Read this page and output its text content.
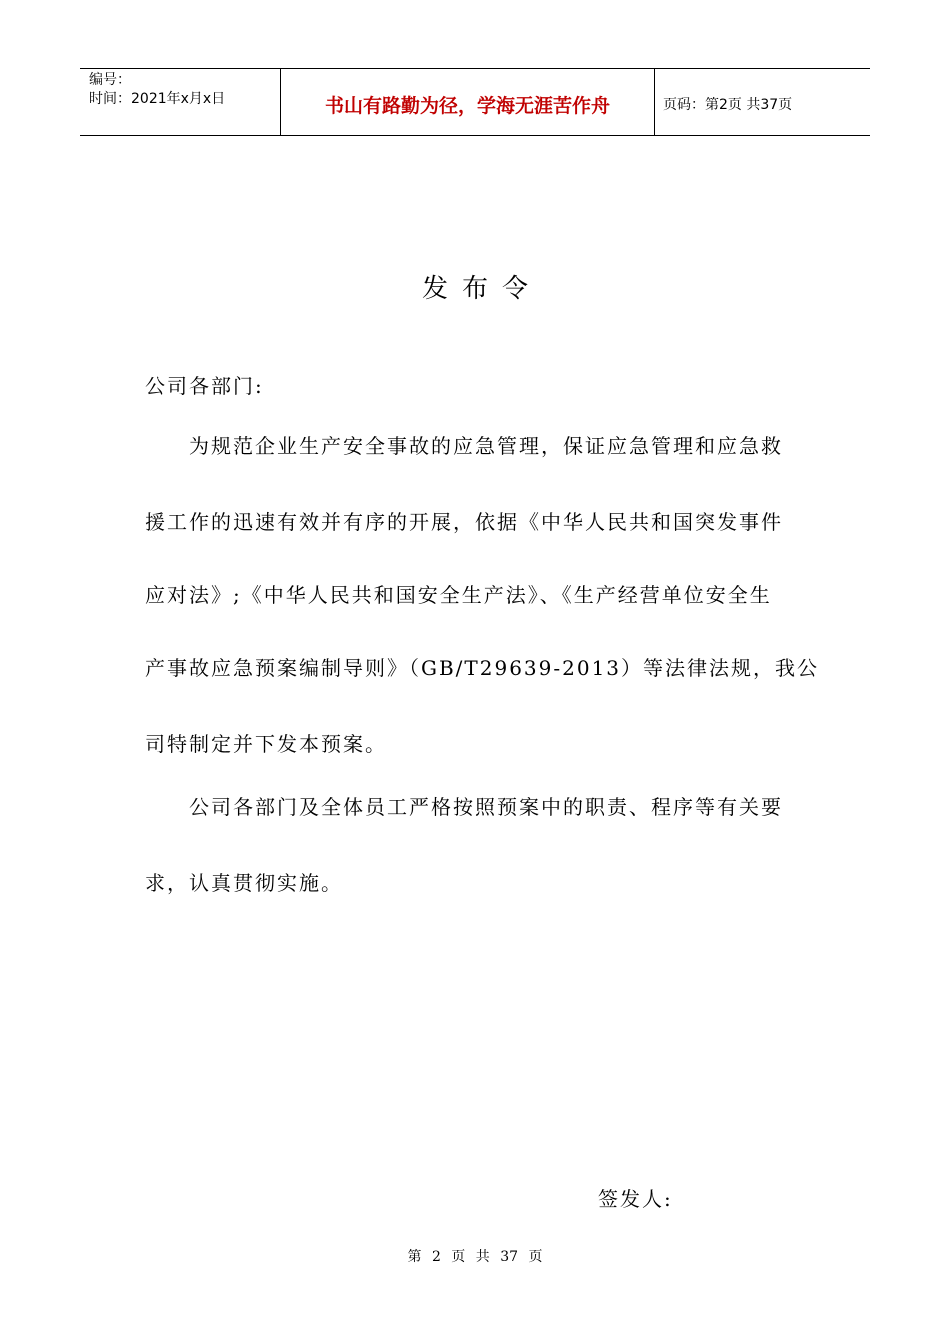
编号：
时间：2021年x月x日	书山有路勤为径，学海无涯苦作舟	页码：第2页 共37页
发布令
公司各部门:
为规范企业生产安全事故的应急管理，保证应急管理和应急救
援工作的迅速有效并有序的开展，依据《中华人民共和国突发事件
应对法》;《中华人民共和国安全生产法》、《生产经营单位安全生
产事故应急预案编制导则》（GB/T29639-2013）等法律法规，我公
司特制定并下发本预案。
公司各部门及全体员工严格按照预案中的职责、程序等有关要
求，认真贯彻实施。
签发人:
第 2 页 共 37 页
